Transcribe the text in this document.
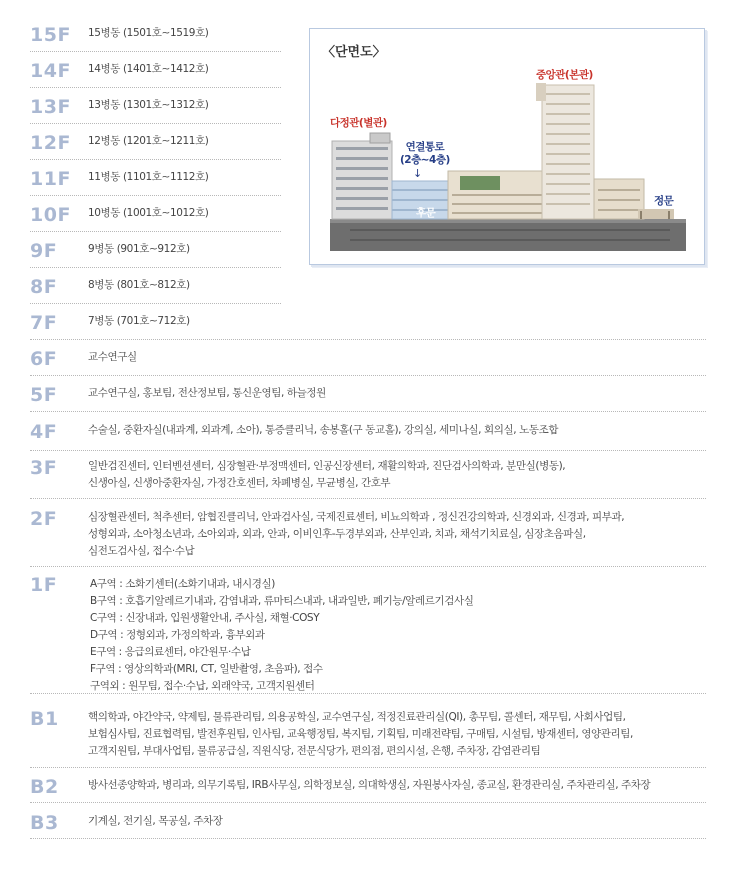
15F 15병동 (1501호∼1519호)
14F 14병동 (1401호∼1412호)
13F 13병동 (1301호∼1312호)
12F 12병동 (1201호∼1211호)
11F 11병동 (1101호∼1112호)
10F 10병동 (1001호∼1012호)
9F	9병동 (901호∼912호)
8F	8병동 (801호∼812호)
7F	7병동 (701호∼712호)
6F	교수연구실
5F	교수연구실, 홍보팀, 전산정보팀, 통신운영팀, 하늘정원
4F	수술실, 중환자실(내과계, 외과계, 소아), 통증클리닉, 송봉홀(구 동교홀), 강의실, 세미나실, 회의실, 노동조합
3F	일반검진센터, 인터벤션센터, 심장혈관·부정맥센터, 인공신장센터, 재활의학과, 진단검사의학과, 분만실(병동),
신생아실, 신생아중환자실, 가정간호센터, 차폐병실, 무균병실, 간호부
2F	심장혈관센터, 척추센터, 암협진클리닉, 안과검사실, 국제진료센터, 비뇨의학과 , 정신건강의학과, 신경외과, 신경과, 피부과,
성형외과, 소아청소년과, 소아외과, 외과, 안과, 이비인후-두경부외과, 산부인과, 치과, 채석기치료실, 심장초음파실,
심전도검사실, 접수·수납
1F	A구역 : 소화기센터(소화기내과, 내시경실)
B구역 : 호흡기알레르기내과, 감염내과, 류마티스내과, 내과일반, 폐기능/알레르기검사실
C구역 : 신장내과, 입원생활안내, 주사실, 채혈·COSY
D구역 : 정형외과, 가정의학과, 흉부외과
E구역 : 응급의료센터, 야간원무·수납
F구역 : 영상의학과(MRI, CT, 일반촬영, 초음파), 접수
구역외 : 원무팀, 접수·수납, 외래약국, 고객지원센터
B1	핵의학과, 야간약국, 약제팀, 물류관리팀, 의용공학실, 교수연구실, 적정진료관리실(QI), 총무팀, 콜센터, 재무팀, 사회사업팀,
보험심사팀, 진료협력팀, 발전후원팀, 인사팀, 교육행정팀, 복지팀, 기획팀, 미래전략팀, 구매팀, 시설팀, 방재센터, 영양관리팀,
고객지원팀, 부대사업팀, 물류공급실, 직원식당, 전문식당가, 편의점, 편의시설, 은행, 주차장, 감염관리팀
B2	방사선종양학과, 병리과, 의무기록팀, IRB사무실, 의학정보실, 의대학생실, 자원봉사자실, 종교실, 환경관리실, 주차관리실, 주차장
B3	기계실, 전기실, 목공실, 주차장
〈단면도〉
중앙관(본관)
다정관(별관)
연결통로
(2층∼4층)
↓
후문
정문
